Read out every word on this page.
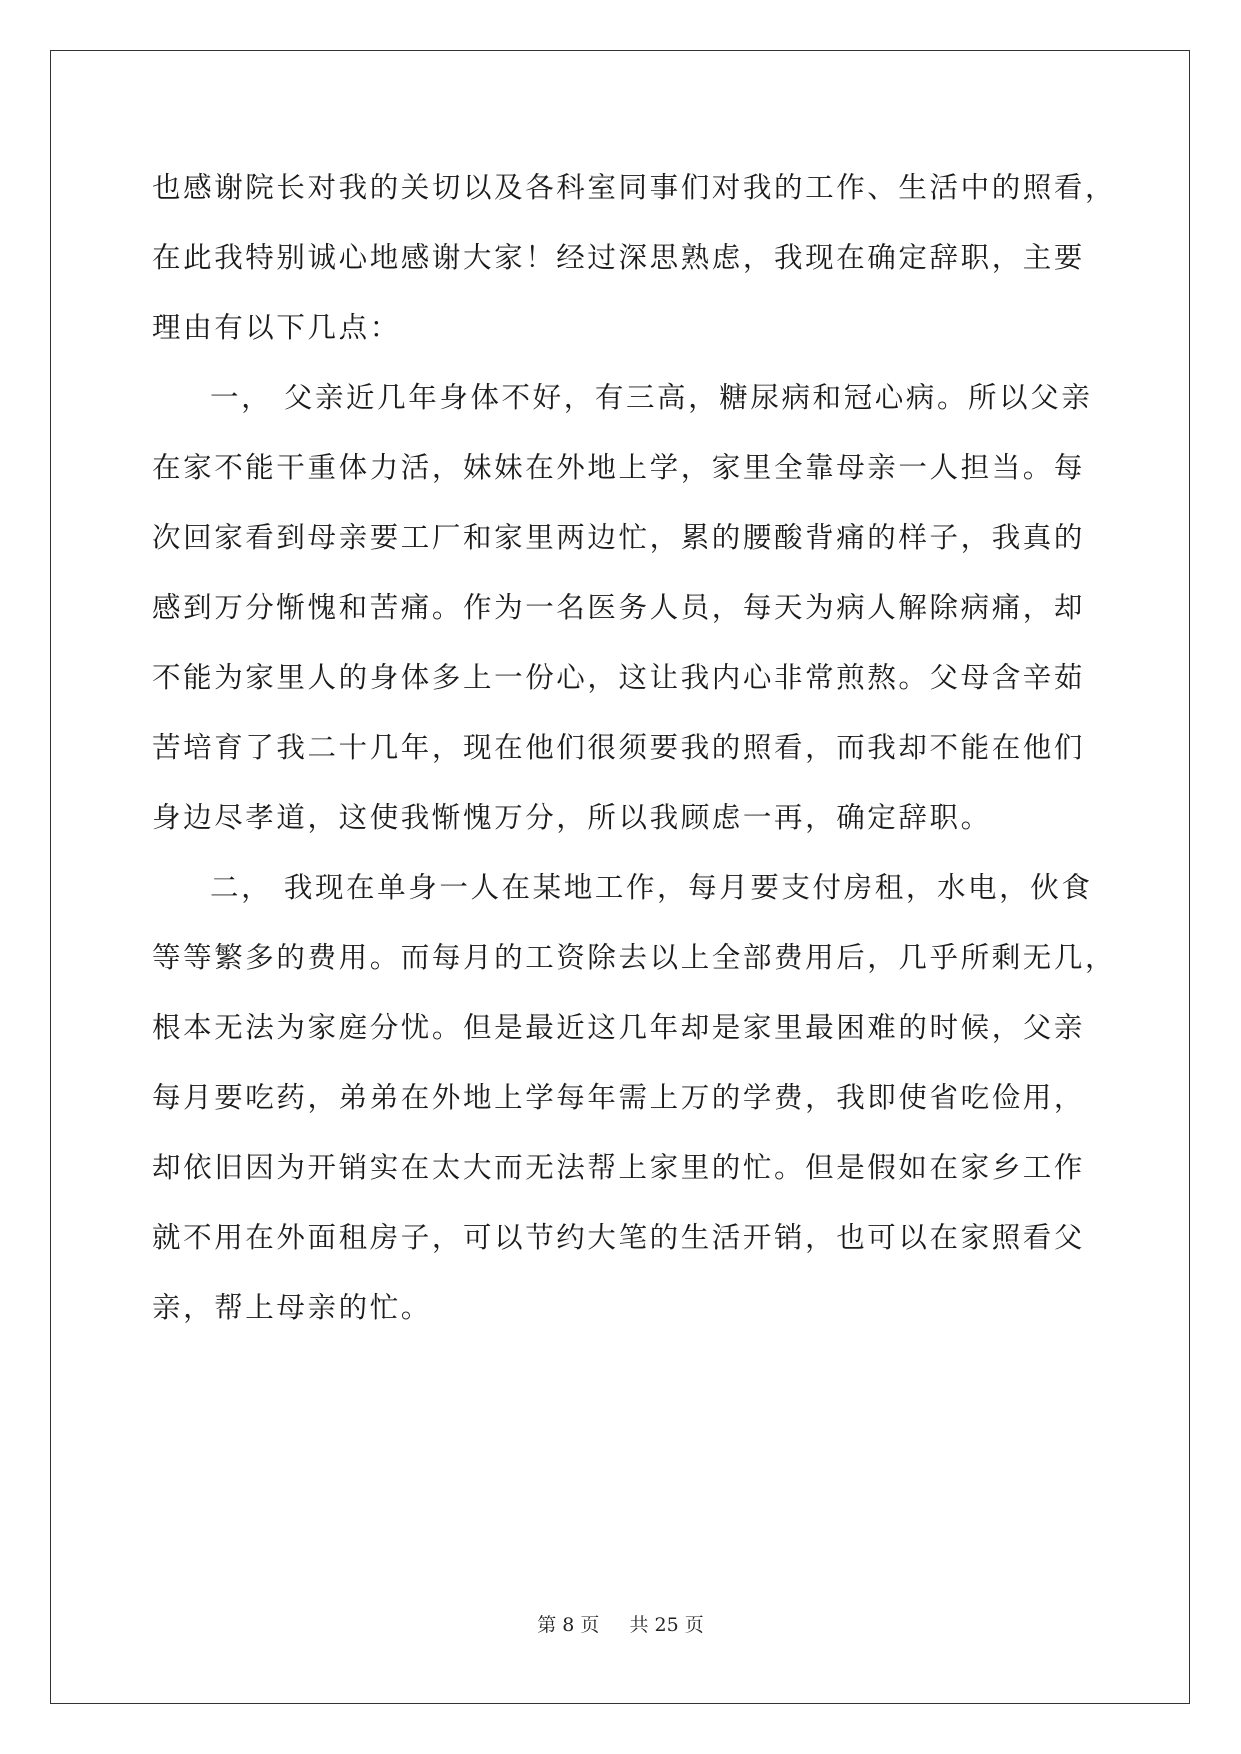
也感谢院长对我的关切以及各科室同事们对我的工作、生活中的照看，
在此我特别诚心地感谢大家！经过深思熟虑，我现在确定辞职，主要
理由有以下几点：
一， 父亲近几年身体不好，有三高，糖尿病和冠心病。所以父亲
在家不能干重体力活，妹妹在外地上学，家里全靠母亲一人担当。每
次回家看到母亲要工厂和家里两边忙，累的腰酸背痛的样子，我真的
感到万分惭愧和苦痛。作为一名医务人员，每天为病人解除病痛，却
不能为家里人的身体多上一份心，这让我内心非常煎熬。父母含辛茹
苦培育了我二十几年，现在他们很须要我的照看，而我却不能在他们
身边尽孝道，这使我惭愧万分，所以我顾虑一再，确定辞职。
二， 我现在单身一人在某地工作，每月要支付房租，水电，伙食
等等繁多的费用。而每月的工资除去以上全部费用后，几乎所剩无几，
根本无法为家庭分忧。但是最近这几年却是家里最困难的时候，父亲
每月要吃药，弟弟在外地上学每年需上万的学费，我即使省吃俭用，
却依旧因为开销实在太大而无法帮上家里的忙。但是假如在家乡工作
就不用在外面租房子，可以节约大笔的生活开销，也可以在家照看父
亲，帮上母亲的忙。
第 8 页 共 25 页
